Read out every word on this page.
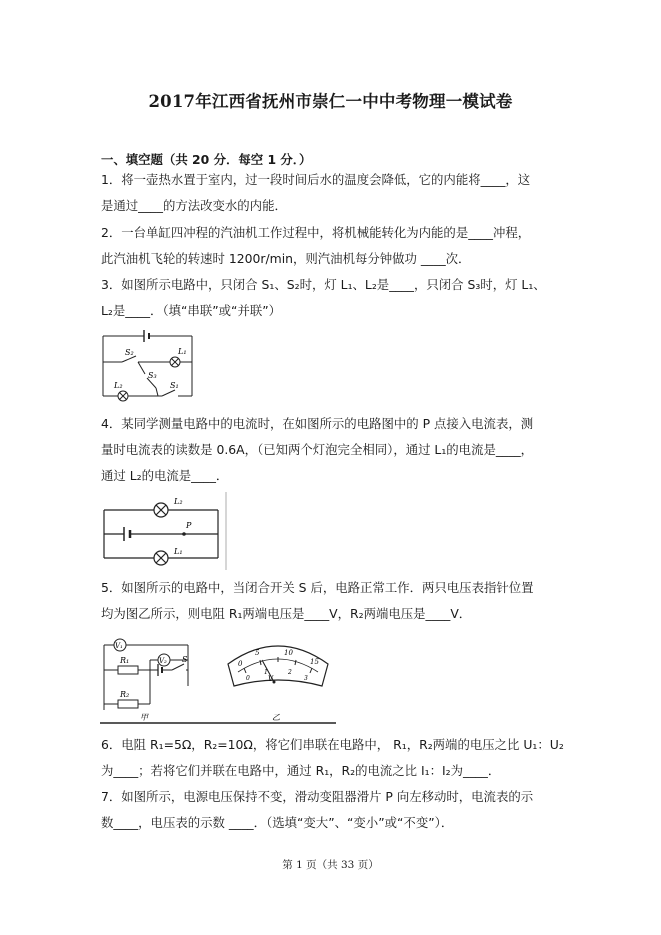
2017年江西省抚州市崇仁一中中考物理一模试卷
一、填空题（共 20 分．每空 1 分．）
1．将一壶热水置于室内，过一段时间后水的温度会降低，它的内能将____，这
是通过____的方法改变水的内能．
2．一台单缸四冲程的汽油机工作过程中，将机械能转化为内能的是____冲程，
此汽油机飞轮的转速时 1200r/min，则汽油机每分钟做功 ____次．
3．如图所示电路中，只闭合 S₁、S₂时，灯 L₁、L₂是____，只闭合 S₃时，灯 L₁、
L₂是____．（填“串联”或“并联”）
S₂	L₁
L₂
S₃
S₁
4．某同学测量电路中的电流时，在如图所示的电路图中的 P 点接入电流表，测
量时电流表的读数是 0.6A，（已知两个灯泡完全相同），通过 L₁的电流是____，
通过 L₂的电流是____．
L₂
P
L₁
5．如图所示的电路中，当闭合开关 S 后，电路正常工作．两只电压表指针位置
均为图乙所示，则电阻 R₁两端电压是____V，R₂两端电压是____V．
V₁
V₂
R₁
R₂
S
甲
0
5	10
15
0
1	2
3
V
乙
6．电阻 R₁=5Ω，R₂=10Ω，将它们串联在电路中， R₁，R₂两端的电压之比 U₁：U₂
为____；若将它们并联在电路中，通过 R₁，R₂的电流之比 I₁：I₂为____．
7．如图所示，电源电压保持不变，滑动变阻器滑片 P 向左移动时，电流表的示
数____，电压表的示数 ____．（选填“变大”、“变小”或“不变”）．
第 1 页（共 33 页）
